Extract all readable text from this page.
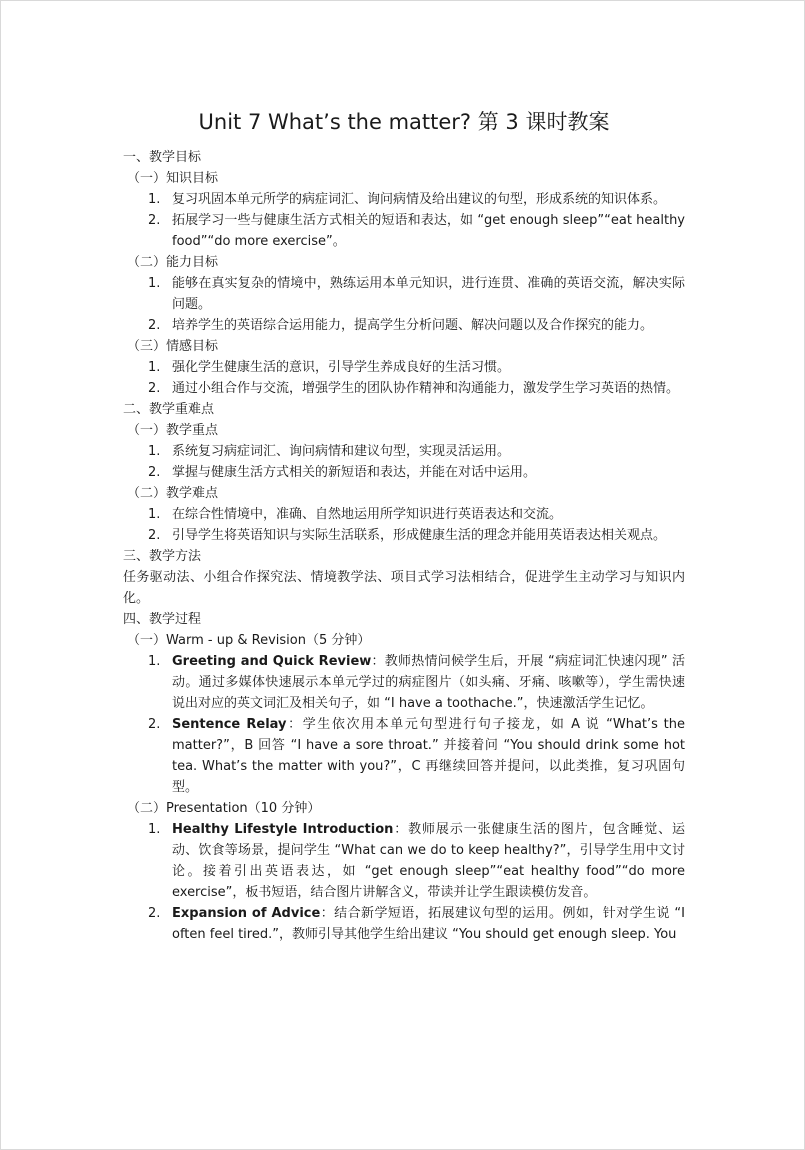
Unit 7 What’s the matter? 第 3 课时教案
一、教学目标
（一）知识目标
1. 复习巩固本单元所学的病症词汇、询问病情及给出建议的句型，形成系统的知识体系。
2. 拓展学习一些与健康生活方式相关的短语和表达，如 “get enough sleep”“eat healthy food”“do more exercise”。
（二）能力目标
1. 能够在真实复杂的情境中，熟练运用本单元知识，进行连贯、准确的英语交流，解决实际问题。
2. 培养学生的英语综合运用能力，提高学生分析问题、解决问题以及合作探究的能力。
（三）情感目标
1. 强化学生健康生活的意识，引导学生养成良好的生活习惯。
2. 通过小组合作与交流，增强学生的团队协作精神和沟通能力，激发学生学习英语的热情。
二、教学重难点
（一）教学重点
1. 系统复习病症词汇、询问病情和建议句型，实现灵活运用。
2. 掌握与健康生活方式相关的新短语和表达，并能在对话中运用。
（二）教学难点
1. 在综合性情境中，准确、自然地运用所学知识进行英语表达和交流。
2. 引导学生将英语知识与实际生活联系，形成健康生活的理念并能用英语表达相关观点。
三、教学方法
任务驱动法、小组合作探究法、情境教学法、项目式学习法相结合，促进学生主动学习与知识内化。
四、教学过程
（一）Warm - up & Revision（5 分钟）
1. Greeting and Quick Review：教师热情问候学生后，开展 “病症词汇快速闪现” 活动。通过多媒体快速展示本单元学过的病症图片（如头痛、牙痛、咳嗽等），学生需快速说出对应的英文词汇及相关句子，如 “I have a toothache.”，快速激活学生记忆。
2. Sentence Relay：学生依次用本单元句型进行句子接龙，如 A 说 “What’s the matter?”，B 回答 “I have a sore throat.” 并接着问 “You should drink some hot tea. What’s the matter with you?”，C 再继续回答并提问，以此类推，复习巩固句型。
（二）Presentation（10 分钟）
1. Healthy Lifestyle Introduction：教师展示一张健康生活的图片，包含睡觉、运动、饮食等场景，提问学生 “What can we do to keep healthy?”，引导学生用中文讨论。接着引出英语表达，如 “get enough sleep”“eat healthy food”“do more exercise”，板书短语，结合图片讲解含义，带读并让学生跟读模仿发音。
2. Expansion of Advice：结合新学短语，拓展建议句型的运用。例如，针对学生说 “I often feel tired.”，教师引导其他学生给出建议 “You should get enough sleep. You
